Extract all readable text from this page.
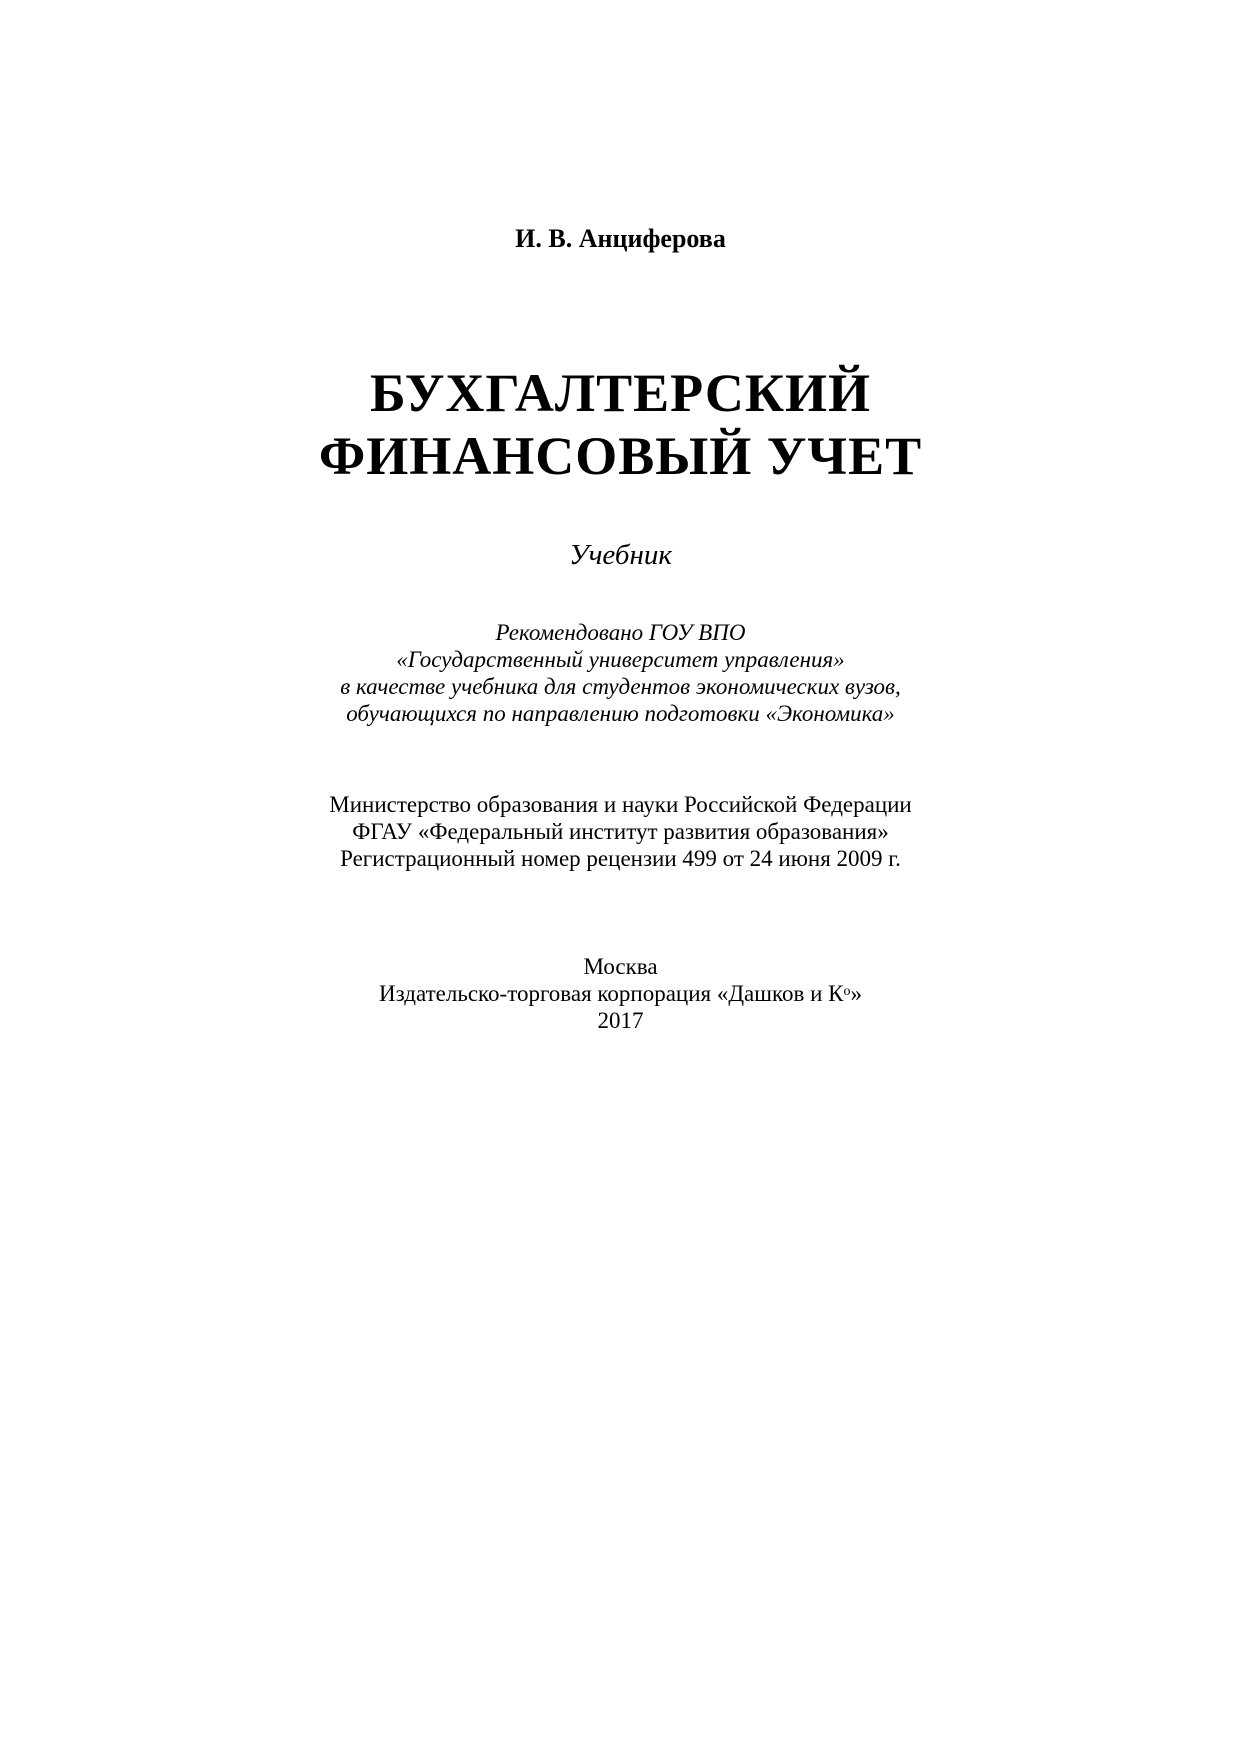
И. В. Анциферова
БУХГАЛТЕРСКИЙ
ФИНАНСОВЫЙ УЧЕТ
Учебник
Рекомендовано ГОУ ВПО
«Государственный университет управления»
в качестве учебника для студентов экономических вузов,
обучающихся по направлению подготовки «Экономика»
Министерство образования и науки Российской Федерации
ФГАУ «Федеральный институт развития образования»
Регистрационный номер рецензии 499 от 24 июня 2009 г.
Москва
Издательско-торговая корпорация «Дашков и $К^о$»
2017
